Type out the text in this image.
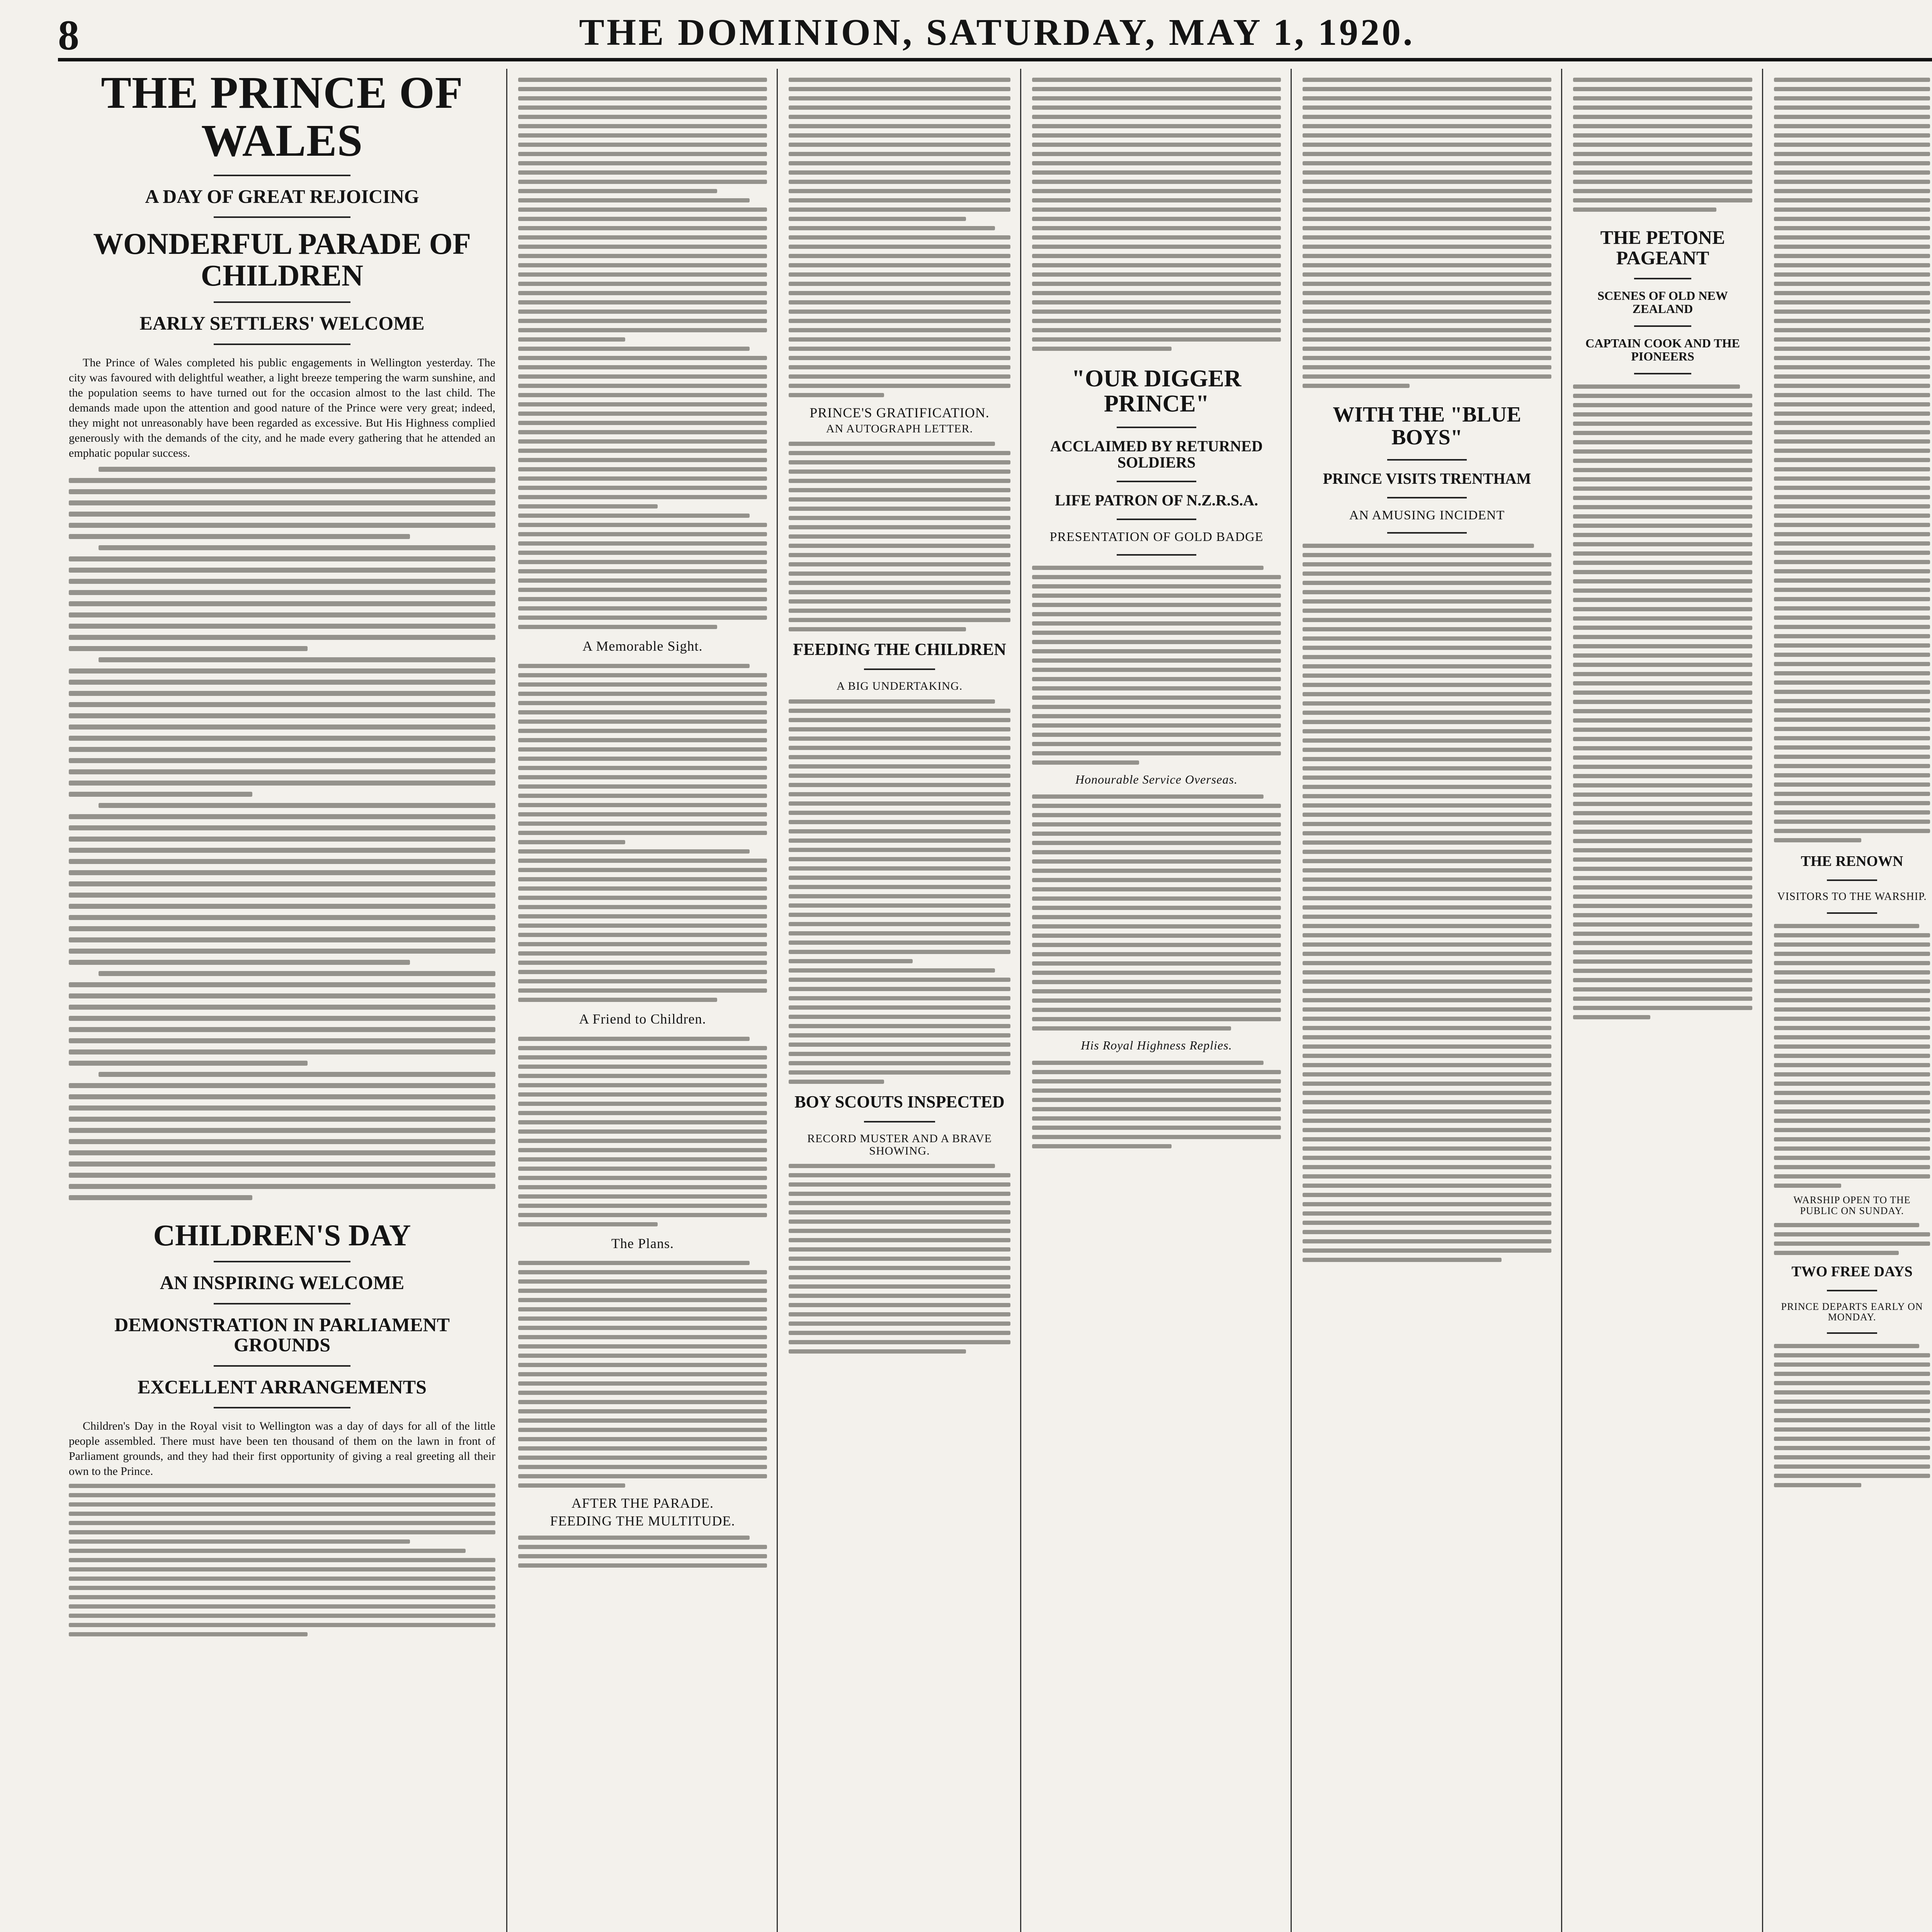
8	THE DOMINION, SATURDAY, MAY 1, 1920.
THE PRINCE OF WALES
A DAY OF GREAT REJOICING
WONDERFUL PARADE OF CHILDREN
EARLY SETTLERS' WELCOME

The Prince of Wales completed his public engagements in Wellington yesterday. The city was favoured with delightful weather, a light breeze tempering the warm sunshine, and the population seems to have turned out for the occasion almost to the last child. The demands made upon the attention and good nature of the Prince were very great; indeed, they might not unreasonably have been regarded as excessive. But His Highness complied generously with the demands of the city, and he made every gathering that he attended an emphatic popular success.

CHILDREN'S DAY
AN INSPIRING WELCOME
DEMONSTRATION IN PARLIAMENT GROUNDS
EXCELLENT ARRANGEMENTS

Children's Day in the Royal visit to Wellington was a day of days for all of the little people assembled. There must have been ten thousand of them on the lawn in front of Parliament grounds, and they had their first opportunity of giving a real greeting all their own to the Prince.

A Memorable Sight.
A Friend to Children.
The Plans.
AFTER THE PARADE.
FEEDING THE MULTITUDE.
PRINCE'S GRATIFICATION.
AN AUTOGRAPH LETTER.
FEEDING THE CHILDREN
A BIG UNDERTAKING.
BOY SCOUTS INSPECTED
RECORD MUSTER AND A BRAVE SHOWING.
"OUR DIGGER PRINCE"
ACCLAIMED BY RETURNED SOLDIERS
LIFE PATRON OF N.Z.R.S.A.
PRESENTATION OF GOLD BADGE
Honourable Service Overseas.
His Royal Highness Replies.
WITH THE "BLUE BOYS"
PRINCE VISITS TRENTHAM
AN AMUSING INCIDENT
THE PETONE PAGEANT
SCENES OF OLD NEW ZEALAND
CAPTAIN COOK AND THE PIONEERS
THE RENOWN
VISITORS TO THE WARSHIP.
WARSHIP OPEN TO THE PUBLIC ON SUNDAY.
TWO FREE DAYS
PRINCE DEPARTS EARLY ON MONDAY.
